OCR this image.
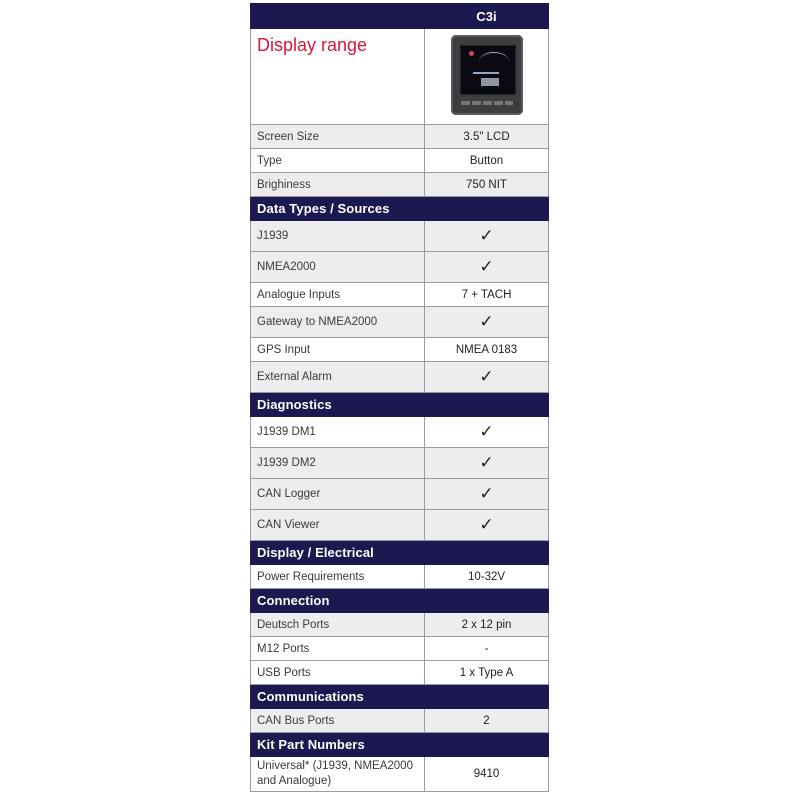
	C3i

Display range	

Screen Size	3.5" LCD
Type	Button
Brighiness	750 NIT
Data Types / Sources	
J1939	✓
NMEA2000	✓
Analogue Inputs	7 + TACH
Gateway to NMEA2000	✓
GPS Input	NMEA 0183
External Alarm	✓
Diagnostics	
J1939 DM1	✓
J1939 DM2	✓
CAN Logger	✓
CAN Viewer	✓
Display / Electrical	
Power Requirements	10-32V
Connection	
Deutsch Ports	2 x 12 pin
M12 Ports	-
USB Ports	1 x Type A
Communications	
CAN Bus Ports	2
Kit Part Numbers	
Universal* (J1939, NMEA2000 and Analogue)	9410
